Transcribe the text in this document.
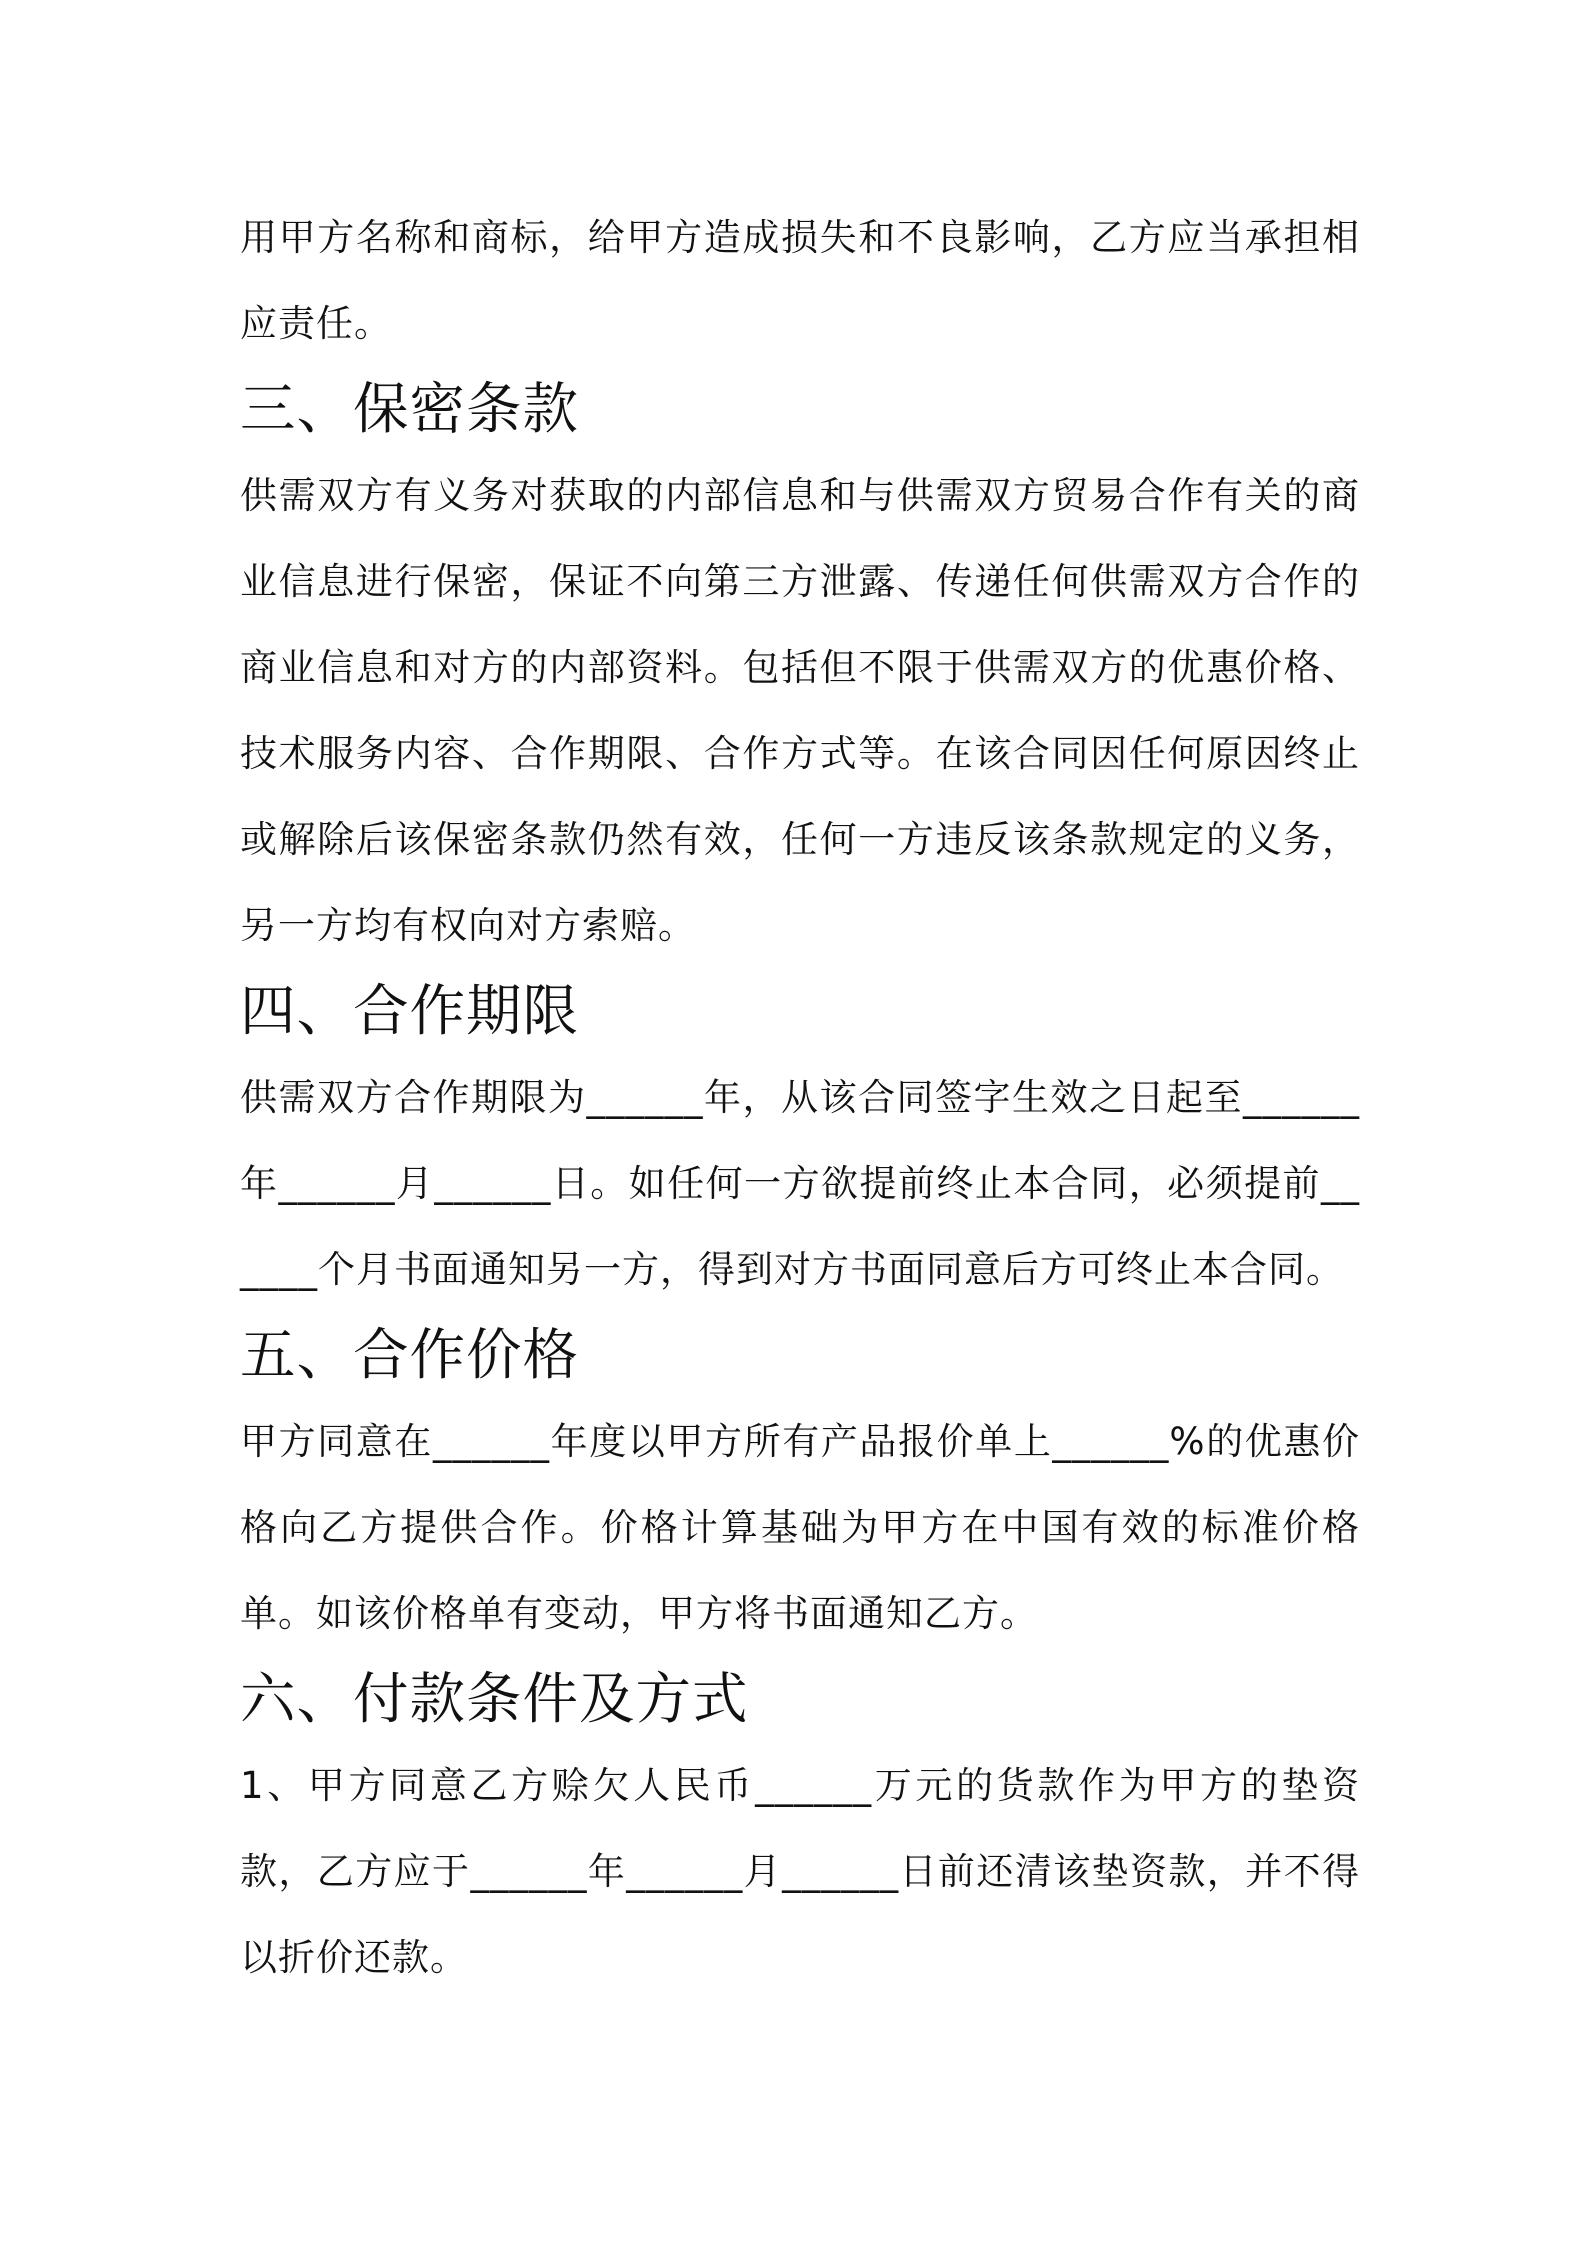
用甲方名称和商标，给甲方造成损失和不良影响，乙方应当承担相应责任。

三、保密条款

供需双方有义务对获取的内部信息和与供需双方贸易合作有关的商业信息进行保密，保证不向第三方泄露、传递任何供需双方合作的商业信息和对方的内部资料。包括但不限于供需双方的优惠价格、技术服务内容、合作期限、合作方式等。在该合同因任何原因终止或解除后该保密条款仍然有效，任何一方违反该条款规定的义务，另一方均有权向对方索赔。

四、合作期限

供需双方合作期限为______年，从该合同签字生效之日起至______年______月______日。如任何一方欲提前终止本合同，必须提前______个月书面通知另一方，得到对方书面同意后方可终止本合同。

五、合作价格

甲方同意在______年度以甲方所有产品报价单上______%的优惠价格向乙方提供合作。价格计算基础为甲方在中国有效的标准价格单。如该价格单有变动，甲方将书面通知乙方。

六、付款条件及方式

1、甲方同意乙方赊欠人民币______万元的货款作为甲方的垫资款，乙方应于______年______月______日前还清该垫资款，并不得以折价还款。
